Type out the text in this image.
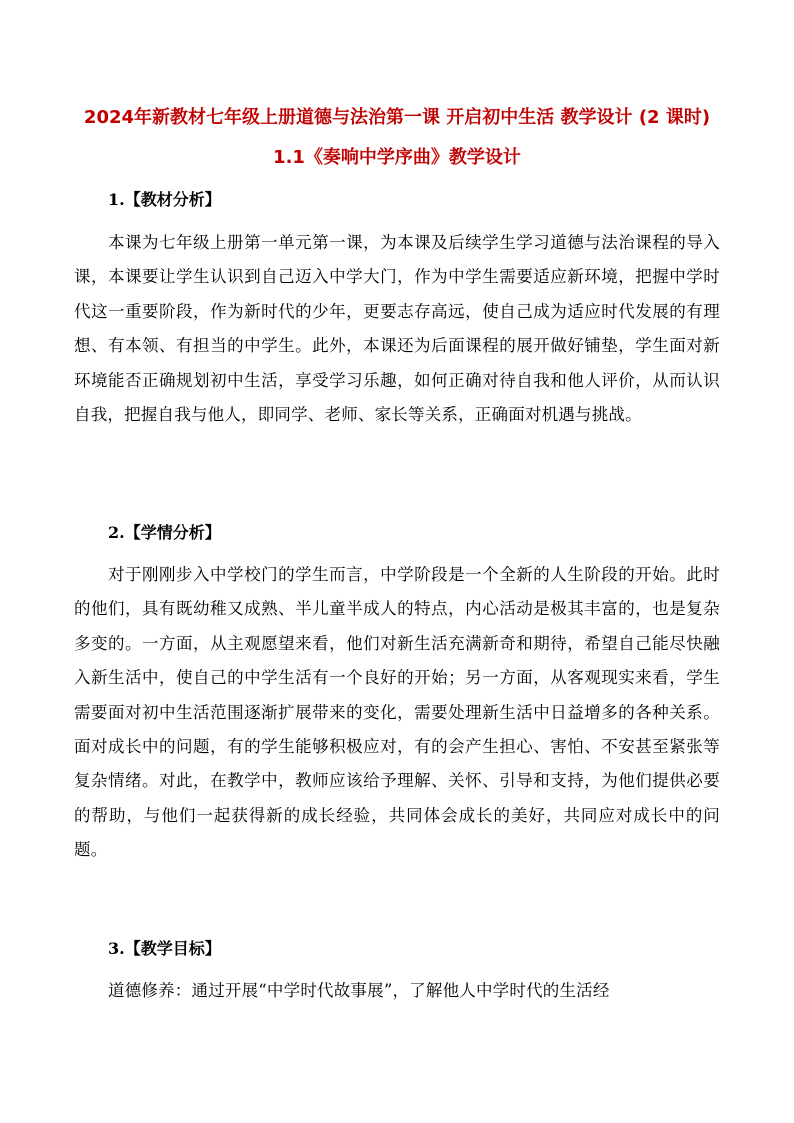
2024年新教材七年级上册道德与法治第一课 开启初中生活 教学设计 (2 课时)
1.1《奏响中学序曲》教学设计
1.【教材分析】
本课为七年级上册第一单元第一课，为本课及后续学生学习道德与法治课程的导入课，本课要让学生认识到自己迈入中学大门，作为中学生需要适应新环境，把握中学时代这一重要阶段，作为新时代的少年，更要志存高远，使自己成为适应时代发展的有理想、有本领、有担当的中学生。此外，本课还为后面课程的展开做好铺垫，学生面对新环境能否正确规划初中生活，享受学习乐趣，如何正确对待自我和他人评价，从而认识自我，把握自我与他人，即同学、老师、家长等关系，正确面对机遇与挑战。
2.【学情分析】
对于刚刚步入中学校门的学生而言，中学阶段是一个全新的人生阶段的开始。此时的他们，具有既幼稚又成熟、半儿童半成人的特点，内心活动是极其丰富的，也是复杂多变的。一方面，从主观愿望来看，他们对新生活充满新奇和期待，希望自己能尽快融入新生活中，使自己的中学生活有一个良好的开始；另一方面，从客观现实来看，学生需要面对初中生活范围逐渐扩展带来的变化，需要处理新生活中日益增多的各种关系。面对成长中的问题，有的学生能够积极应对，有的会产生担心、害怕、不安甚至紧张等复杂情绪。对此，在教学中，教师应该给予理解、关怀、引导和支持，为他们提供必要的帮助，与他们一起获得新的成长经验，共同体会成长的美好，共同应对成长中的问题。
3.【教学目标】
道德修养：通过开展“中学时代故事展”，了解他人中学时代的生活经
